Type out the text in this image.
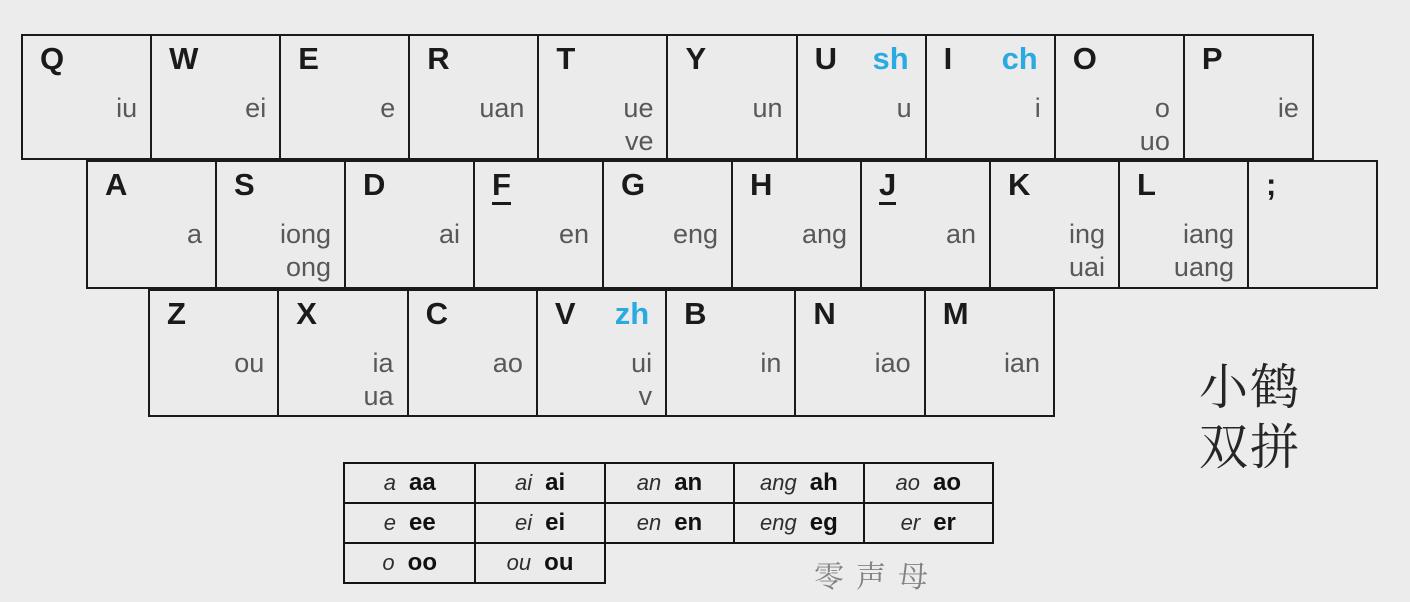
Q
iu
W
ei
E
e
R
uan
T
ue
ve
Y
un
U sh
u
I ch
i
O
o
uo
P
ie
A
a
S
iong
ong
D
ai
F
en
G
eng
H
ang
J
an
K
ing
uai
L
iang
uang
;
Z
ou
X
ia
ua
C
ao
V zh
ui
v
B
in
N
iao
M
ian
a aa	ai ai	an an	ang ah	ao ao
e ee	ei ei	en en	eng eg	er er
o oo	ou ou	零声母
小鹤
双拼
